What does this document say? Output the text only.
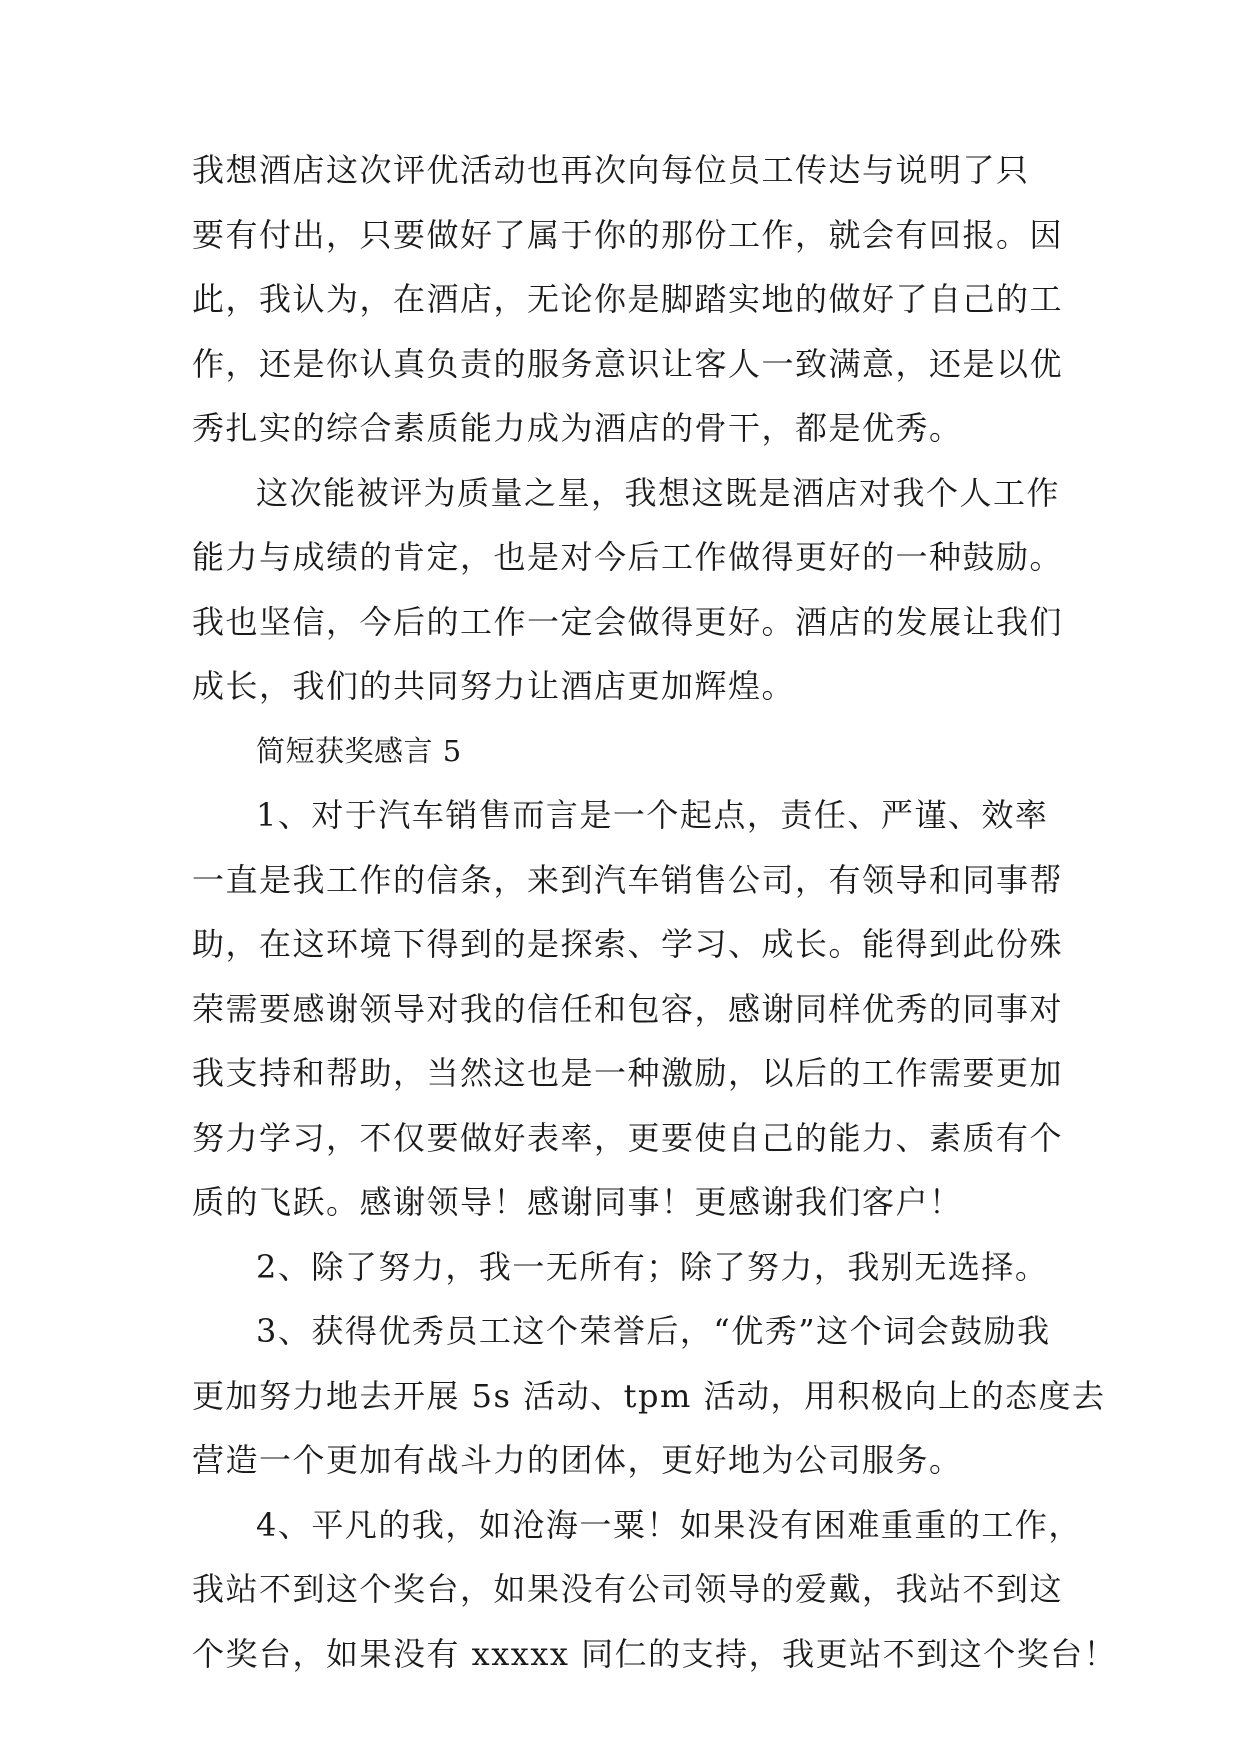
我想酒店这次评优活动也再次向每位员工传达与说明了只
要有付出，只要做好了属于你的那份工作，就会有回报。因
此，我认为，在酒店，无论你是脚踏实地的做好了自己的工
作，还是你认真负责的服务意识让客人一致满意，还是以优
秀扎实的综合素质能力成为酒店的骨干，都是优秀。
这次能被评为质量之星，我想这既是酒店对我个人工作
能力与成绩的肯定，也是对今后工作做得更好的一种鼓励。
我也坚信，今后的工作一定会做得更好。酒店的发展让我们
成长，我们的共同努力让酒店更加辉煌。
简短获奖感言 5
1、对于汽车销售而言是一个起点，责任、严谨、效率
一直是我工作的信条，来到汽车销售公司，有领导和同事帮
助，在这环境下得到的是探索、学习、成长。能得到此份殊
荣需要感谢领导对我的信任和包容，感谢同样优秀的同事对
我支持和帮助，当然这也是一种激励，以后的工作需要更加
努力学习，不仅要做好表率，更要使自己的能力、素质有个
质的飞跃。感谢领导！感谢同事！更感谢我们客户！
2、除了努力，我一无所有；除了努力，我别无选择。
3、获得优秀员工这个荣誉后，“优秀”这个词会鼓励我
更加努力地去开展 5s 活动、tpm 活动，用积极向上的态度去
营造一个更加有战斗力的团体，更好地为公司服务。
4、平凡的我，如沧海一粟！如果没有困难重重的工作，
我站不到这个奖台，如果没有公司领导的爱戴，我站不到这
个奖台，如果没有 xxxxx 同仁的支持，我更站不到这个奖台！
